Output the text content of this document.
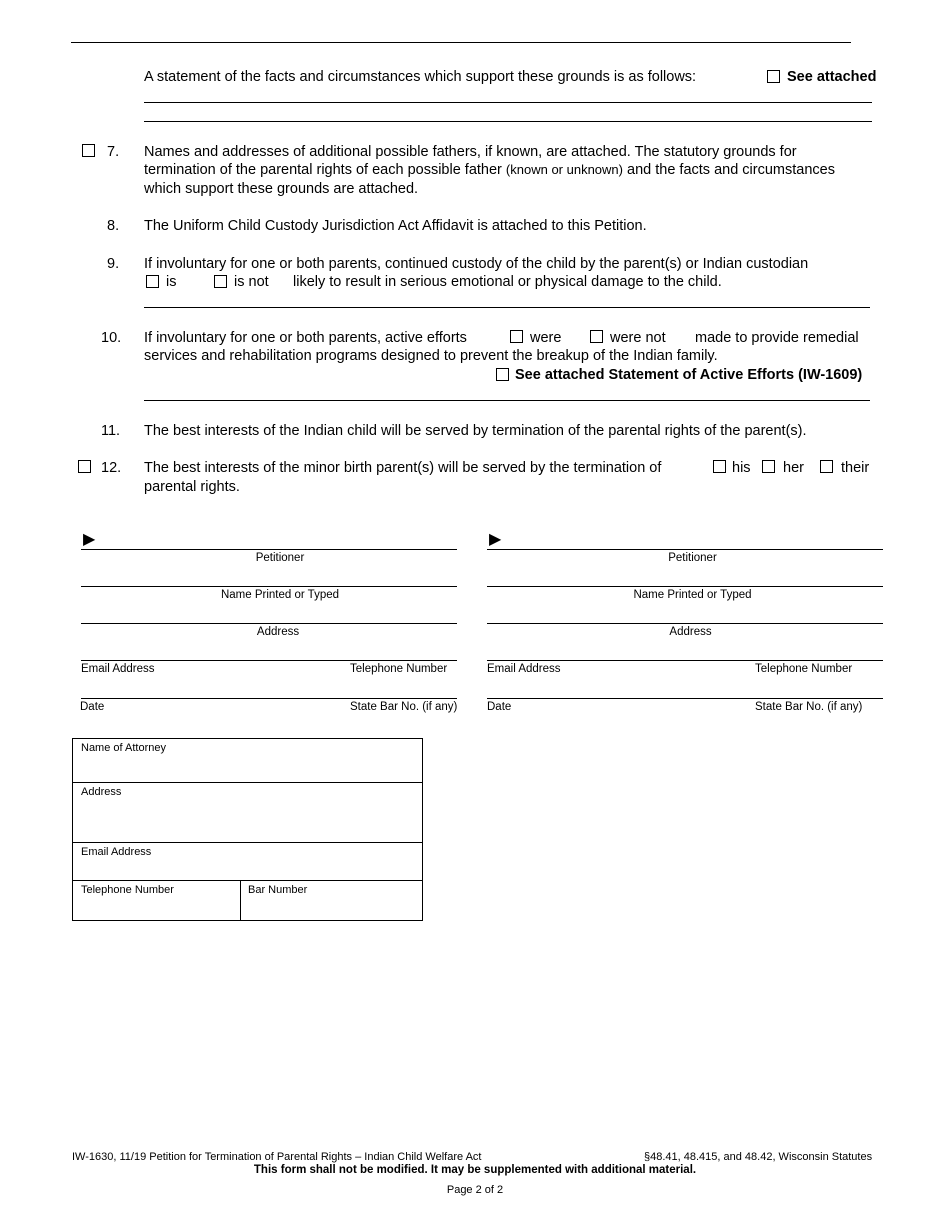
A statement of the facts and circumstances which support these grounds is as follows:	See attached
7. Names and addresses of additional possible fathers, if known, are attached. The statutory grounds for
termination of the parental rights of each possible father (known or unknown) and the facts and circumstances
which support these grounds are attached.
8. The Uniform Child Custody Jurisdiction Act Affidavit is attached to this Petition.
9. If involuntary for one or both parents, continued custody of the child by the parent(s) or Indian custodian
is	is not likely to result in serious emotional or physical damage to the child.
10. If involuntary for one or both parents, active efforts	were	were not made to provide remedial
services and rehabilitation programs designed to prevent the breakup of the Indian family.
See attached Statement of Active Efforts (IW-1609)
11. The best interests of the Indian child will be served by termination of the parental rights of the parent(s).
12. The best interests of the minor birth parent(s) will be served by the termination of	his her	their
parental rights.
▶
Petitioner
Name Printed or Typed
Address
Email Address	Telephone Number
Date	State Bar No. (if any)
▶
Petitioner
Name Printed or Typed
Address
Email Address	Telephone Number
Date	State Bar No. (if any)
Name of Attorney
Address
Email Address
Telephone Number	Bar Number
IW-1630, 11/19 Petition for Termination of Parental Rights – Indian Child Welfare Act	§48.41, 48.415, and 48.42, Wisconsin Statutes
This form shall not be modified. It may be supplemented with additional material.
Page 2 of 2
